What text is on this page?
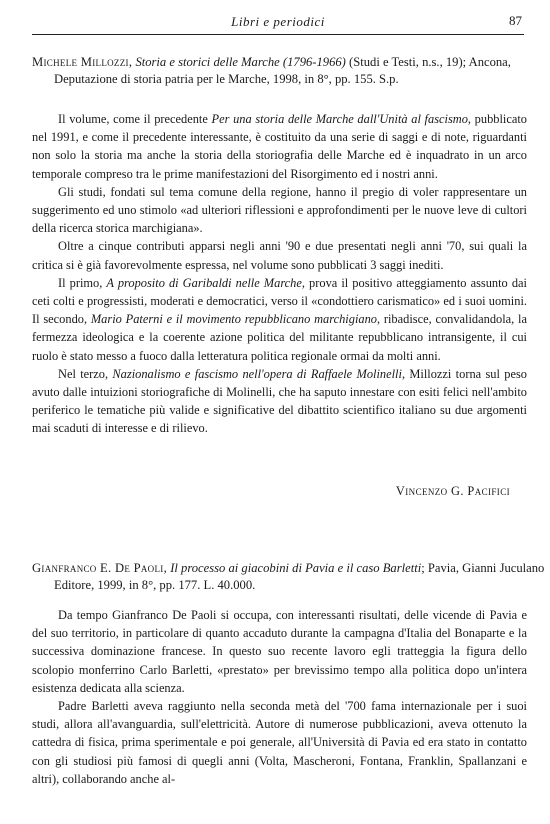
Libri e periodici	87
Michele Millozzi, Storia e storici delle Marche (1796-1966) (Studi e Testi, n.s., 19); Ancona, Deputazione di storia patria per le Marche, 1998, in 8°, pp. 155. S.p.

Il volume, come il precedente Per una storia delle Marche dall'Unità al fascismo, pubblicato nel 1991, e come il precedente interessante, è costituito da una serie di saggi e di note, riguardanti non solo la storia ma anche la storia della storiografia delle Marche ed è inquadrato in un arco temporale compreso tra le prime manifestazioni del Risorgimento ed i nostri anni.

Gli studi, fondati sul tema comune della regione, hanno il pregio di voler rappresentare un suggerimento ed uno stimolo «ad ulteriori riflessioni e approfondimenti per le nuove leve di cultori della ricerca storica marchigiana».

Oltre a cinque contributi apparsi negli anni '90 e due presentati negli anni '70, sui quali la critica si è già favorevolmente espressa, nel volume sono pubblicati 3 saggi inediti.

Il primo, A proposito di Garibaldi nelle Marche, prova il positivo atteggiamento assunto dai ceti colti e progressisti, moderati e democratici, verso il «condottiero carismatico» ed i suoi uomini. Il secondo, Mario Paterni e il movimento repubblicano marchigiano, ribadisce, convalidandola, la fermezza ideologica e la coerente azione politica del militante repubblicano intransigente, il cui ruolo è stato messo a fuoco dalla letteratura politica regionale ormai da molti anni.

Nel terzo, Nazionalismo e fascismo nell'opera di Raffaele Molinelli, Millozzi torna sul peso avuto dalle intuizioni storiografiche di Molinelli, che ha saputo innestare con esiti felici nell'ambito periferico le tematiche più valide e significative del dibattito scientifico italiano su due argomenti mai scaduti di interesse e di rilievo.

Vincenzo G. Pacifici
Gianfranco E. De Paoli, Il processo ai giacobini di Pavia e il caso Barletti; Pavia, Gianni Juculano Editore, 1999, in 8°, pp. 177. L. 40.000.

Da tempo Gianfranco De Paoli si occupa, con interessanti risultati, delle vicende di Pavia e del suo territorio, in particolare di quanto accaduto durante la campagna d'Italia del Bonaparte e la successiva dominazione francese. In questo suo recente lavoro egli tratteggia la figura dello scolopio monferrino Carlo Barletti, «prestato» per brevissimo tempo alla politica dopo un'intera esistenza dedicata alla scienza.

Padre Barletti aveva raggiunto nella seconda metà del '700 fama internazionale per i suoi studi, allora all'avanguardia, sull'elettricità. Autore di numerose pubblicazioni, aveva ottenuto la cattedra di fisica, prima sperimentale e poi generale, all'Università di Pavia ed era stato in contatto con gli studiosi più famosi di quegli anni (Volta, Mascheroni, Fontana, Franklin, Spallanzani e altri), collaborando anche al-
